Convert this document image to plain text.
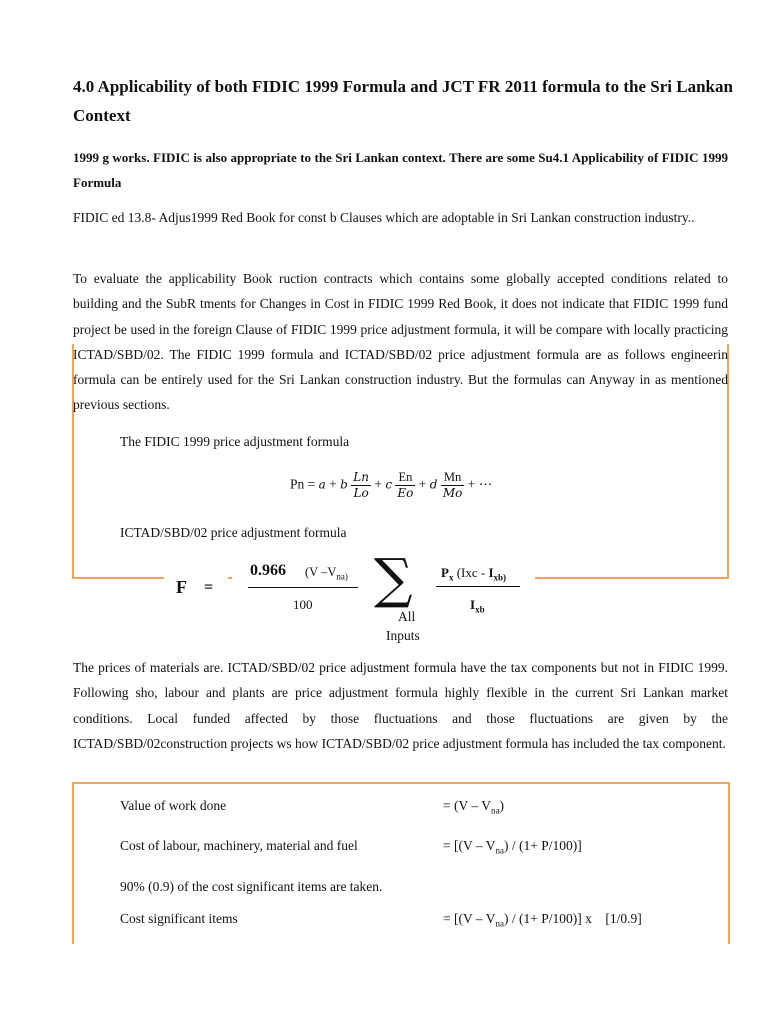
4.0 Applicability of both FIDIC 1999 Formula and JCT FR 2011 formula to the Sri Lankan Context
1999 g works. FIDIC is also appropriate to the Sri Lankan context. There are some Su4.1 Applicability of FIDIC 1999 Formula
FIDIC ed 13.8- Adjus1999 Red Book for const b Clauses which are adoptable in Sri Lankan construction industry..
To evaluate the applicability Book ruction contracts which contains some globally accepted conditions related to building and the SubR tments for Changes in Cost in FIDIC 1999 Red Book, it does not indicate that FIDIC 1999 fund project be used in the foreign Clause of FIDIC 1999 price adjustment formula, it will be compare with locally practicing ICTAD/SBD/02. The FIDIC 1999 formula and ICTAD/SBD/02 price adjustment formula are as follows engineerin formula can be entirely used for the Sri Lankan construction industry. But the formulas can Anyway in as mentioned previous sections.
The FIDIC 1999 price adjustment formula
Pn = a + b $\frac{Ln}{Lo} + c \frac{En}{Eo} + d \frac{Mn}{Mo}$ + ⋯
ICTAD/SBD/02 price adjustment formula
F =
0.966 (V $-V_{na)}$
100 ∑
All
Inputs
$P_x$ ($Ixc - I_{xb)}$
$I_{xb}$
The prices of materials are. ICTAD/SBD/02 price adjustment formula have the tax components but not in FIDIC 1999. Following sho, labour and plants are price adjustment formula highly flexible in the current Sri Lankan market conditions. Local funded affected by those fluctuations and those fluctuations are given by the ICTAD/SBD/02construction projects ws how ICTAD/SBD/02 price adjustment formula has included the tax component.
Value of work done	= $(V - V_{na})$
Cost of labour, machinery, material and fuel	= $[(V - V_{na}) / (1+ P/100)]$
90% (0.9) of the cost significant items are taken.
Cost significant items	= $[(V - V_{na}) / (1+ P/100)]$ x    [1/0.9]
